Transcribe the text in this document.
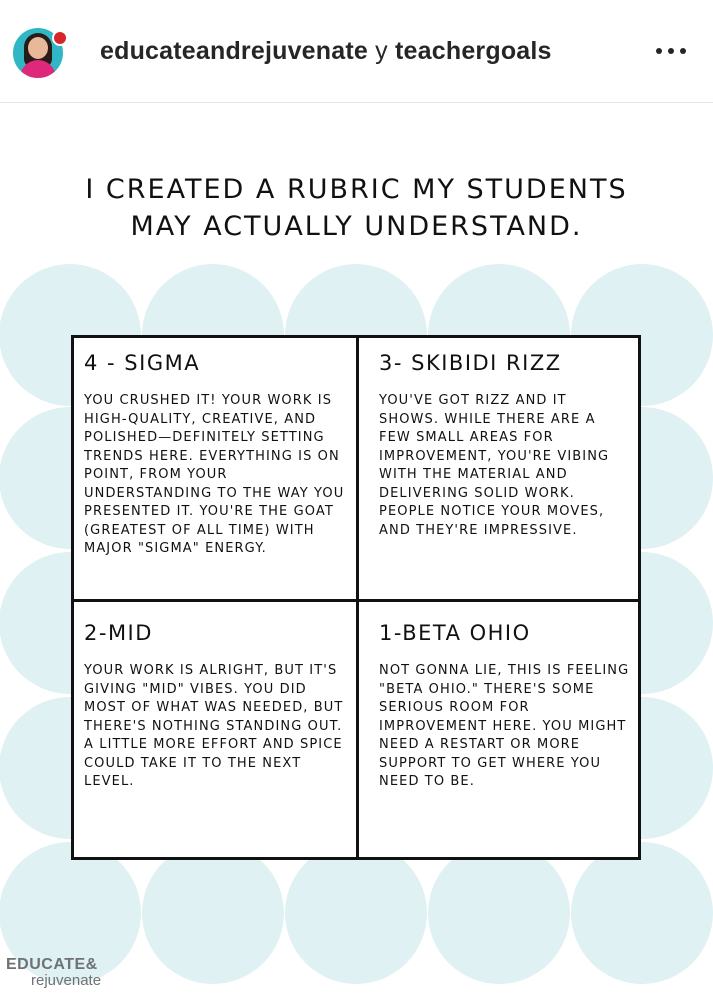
educateandrejuvenate y teachergoals
I CREATED A RUBRIC MY STUDENTS
MAY ACTUALLY UNDERSTAND.
4 - SIGMA

YOU CRUSHED IT! YOUR WORK IS HIGH-QUALITY, CREATIVE, AND POLISHED—DEFINITELY SETTING TRENDS HERE. EVERYTHING IS ON POINT, FROM YOUR UNDERSTANDING TO THE WAY YOU PRESENTED IT. YOU'RE THE GOAT (GREATEST OF ALL TIME) WITH MAJOR "SIGMA" ENERGY.

3- SKIBIDI RIZZ

YOU'VE GOT RIZZ AND IT SHOWS. WHILE THERE ARE A FEW SMALL AREAS FOR IMPROVEMENT, YOU'RE VIBING WITH THE MATERIAL AND DELIVERING SOLID WORK. PEOPLE NOTICE YOUR MOVES, AND THEY'RE IMPRESSIVE.

2-MID

YOUR WORK IS ALRIGHT, BUT IT'S GIVING "MID" VIBES. YOU DID MOST OF WHAT WAS NEEDED, BUT THERE'S NOTHING STANDING OUT. A LITTLE MORE EFFORT AND SPICE COULD TAKE IT TO THE NEXT LEVEL.

1-BETA OHIO

NOT GONNA LIE, THIS IS FEELING "BETA OHIO." THERE'S SOME SERIOUS ROOM FOR IMPROVEMENT HERE. YOU MIGHT NEED A RESTART OR MORE SUPPORT TO GET WHERE YOU NEED TO BE.

EDUCATE&
rejuvenate
